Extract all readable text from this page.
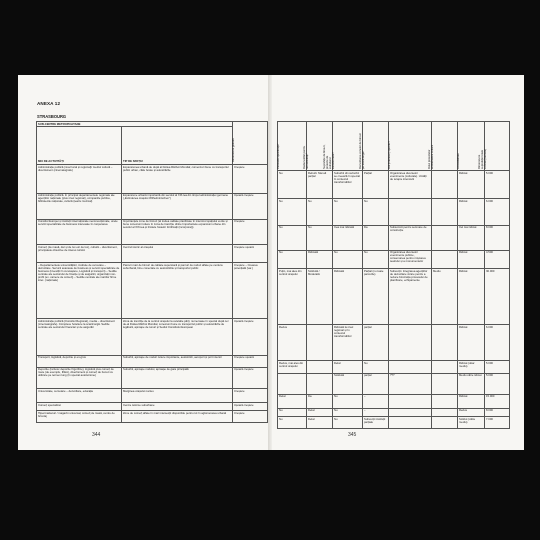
ANEXA 12
STRASBOURG
SUB-CENTRE METROPOLITANE		Dimensiune globală

MIX DE ACTIVITĂȚI	TIP DE SPAȚIU	

Administrație publică (nivel local și regional)/ mediu/ cultură – divertisment (cinematografe)	Expansiunea urbană de după al Doilea Război Mondial; comenzuri bune cu transportul public urban, căile ferate și autostrăzile	Creștere
Administrație publică. În principal departamentele regionale ale agențiilor naționale (plus nivel regional), companiile publice, bibliotecile naționale, cultură (teatru muzical)	Expansiune urbană importantă din secolul al XIX-lea din timpul administrației germane („Extinderea orașului Wilhelminischen”)	Ușoară creștere
Consiliul Europei și instituții internaționale neconvenționale, unele servicii specializate de business interesate în cooperarea	Importanțele zone de birouri (al treilea calitate planificate în interiorul spațiului verde și bune conexiuni rutiere în zona de tranziție dintre Importantele expansiuni urbane din secolul al XIX-lea și limitele fostelor fortificații (incorporat))	Creștere
Comerț (de masă, dar și de lux etc de lux), cultură – divertisment, principalele obiective de interes turistic	Centrul istoric al orașului	Creștere ușoară
– Departamentele universităților, institute de cercetare – dezvoltare. Servicii avansate de business și servicii specializate de business (investiții în cunoaștere, Logistică și transport) – Sediile centrale ale sectorului de finanțe și de asigurări, organizații non-profit (ex. camere de comerț) – Sediile centrale ale mariilor firme inter- (naționale)	Parcuri mari de birouri de calitate superioară și parcuri de noduri aflate pe centura suburbană, bine conectate cu autostrăzile și transportul public	Creștere – Crearea potențială (var.)
Administrație publică (Consiliul Regional), media – divertisment (cinematografe). Complexe hoteliere la scară largă. Sediile centrale ale sectorului financiar și de asigurări	Zona de tranziție de la centrul orașului la celelalte părți, numeroase în special după cel de-al Doilea Război Mondial, conexiuni bune cu transportul public și autostrăzile de legătură, aproape de tunuri și Sediul Consiliului European	Ușoară creștere
Transport, logistică, depozite și en-gros	Suburbii, aproape de noduri rutiere importante, autostrăzi, aeroport și port interior	Creștere ușoară
Depozite (inclusiv depozite frigorifice), logistică plus comerț de mare (de exemplu, IKEA), divertisment și comerț de bunuri cu utilizare pe termen lung (în special autoturisme)	Suburbii, aproape nodului, aproape de gara principală	Ușoară creștere
Universitate, cercetare – dezvoltare, educație	Marginea orașului nucleu	Creștere
Comerț specializat	Centre istorice suburbane	Ușoară creștere
Hipermarketuri / magazin universal, comerț de masă, centre de bricolaj	Zone de comerț aflate în mari intersecții disponibile pentru tot în aglomerarea urbană	Creștere
Perioadă specificații?	Redezvoltări pentru noi activități?	Suprafețe de birouri, proiecte de extindere/ transformare?	Dezvoltarea zonelor de birouri pe scară largă?	Rol (interesul) specific?	Rolul proiectelor emblematice cultură	Accesibilitate	Dimensiune suprafeței totale a zonei (hectare)

Nu	Rebuilt. Mai alt parțial	Suburbii din suburbii se creează în special în contextul transformărilor	Parțial	Organizarea diverselor evenimente (culturale). Unități de terapie intensivă		Ridicat	5.000
Nu	Nu	Nu	Nu			Ridicat	6.000
Nu	Nu	Cea mai ridicată	Da	Subsonicit pentru semnare de construcție		Cel mai ridicat	8.000
Nu	Ridicată	Nu	Nu	Organizarea diverselor evenimente publice, conservarea pentru mișcarea teatrului și a monumentelor		Ridicat	4.500
Puțin, mai ales din centrul orașului	Scăzută / Moderată	Ridicată	Parțial (nu toate parcurile)	Subvenții. Integrarea agențiilor de dezvoltare vizare pentru a reduce birocrația procesului de planificare, echipamente	Mediu	Ridicat	30.000
Redus		Ridicată la nivel regional și în contextul transformărilor	parțial			Ridicat	6.000
Redus, mai ales din centrul orașului		Deloc	Nu			Ridicat (doar mediu)	5.000
		Scăzută	parțial	???		Mediu către ridicat	5.000
Deloc	Da	Nu	–			Ridicat	15.000
Nu	Deloc	Nu	–			Redus	8.000
Nu	Deloc	Nu	Subvenții instituții parțiale			Scăzut (către mediu)	7.000
344	345
